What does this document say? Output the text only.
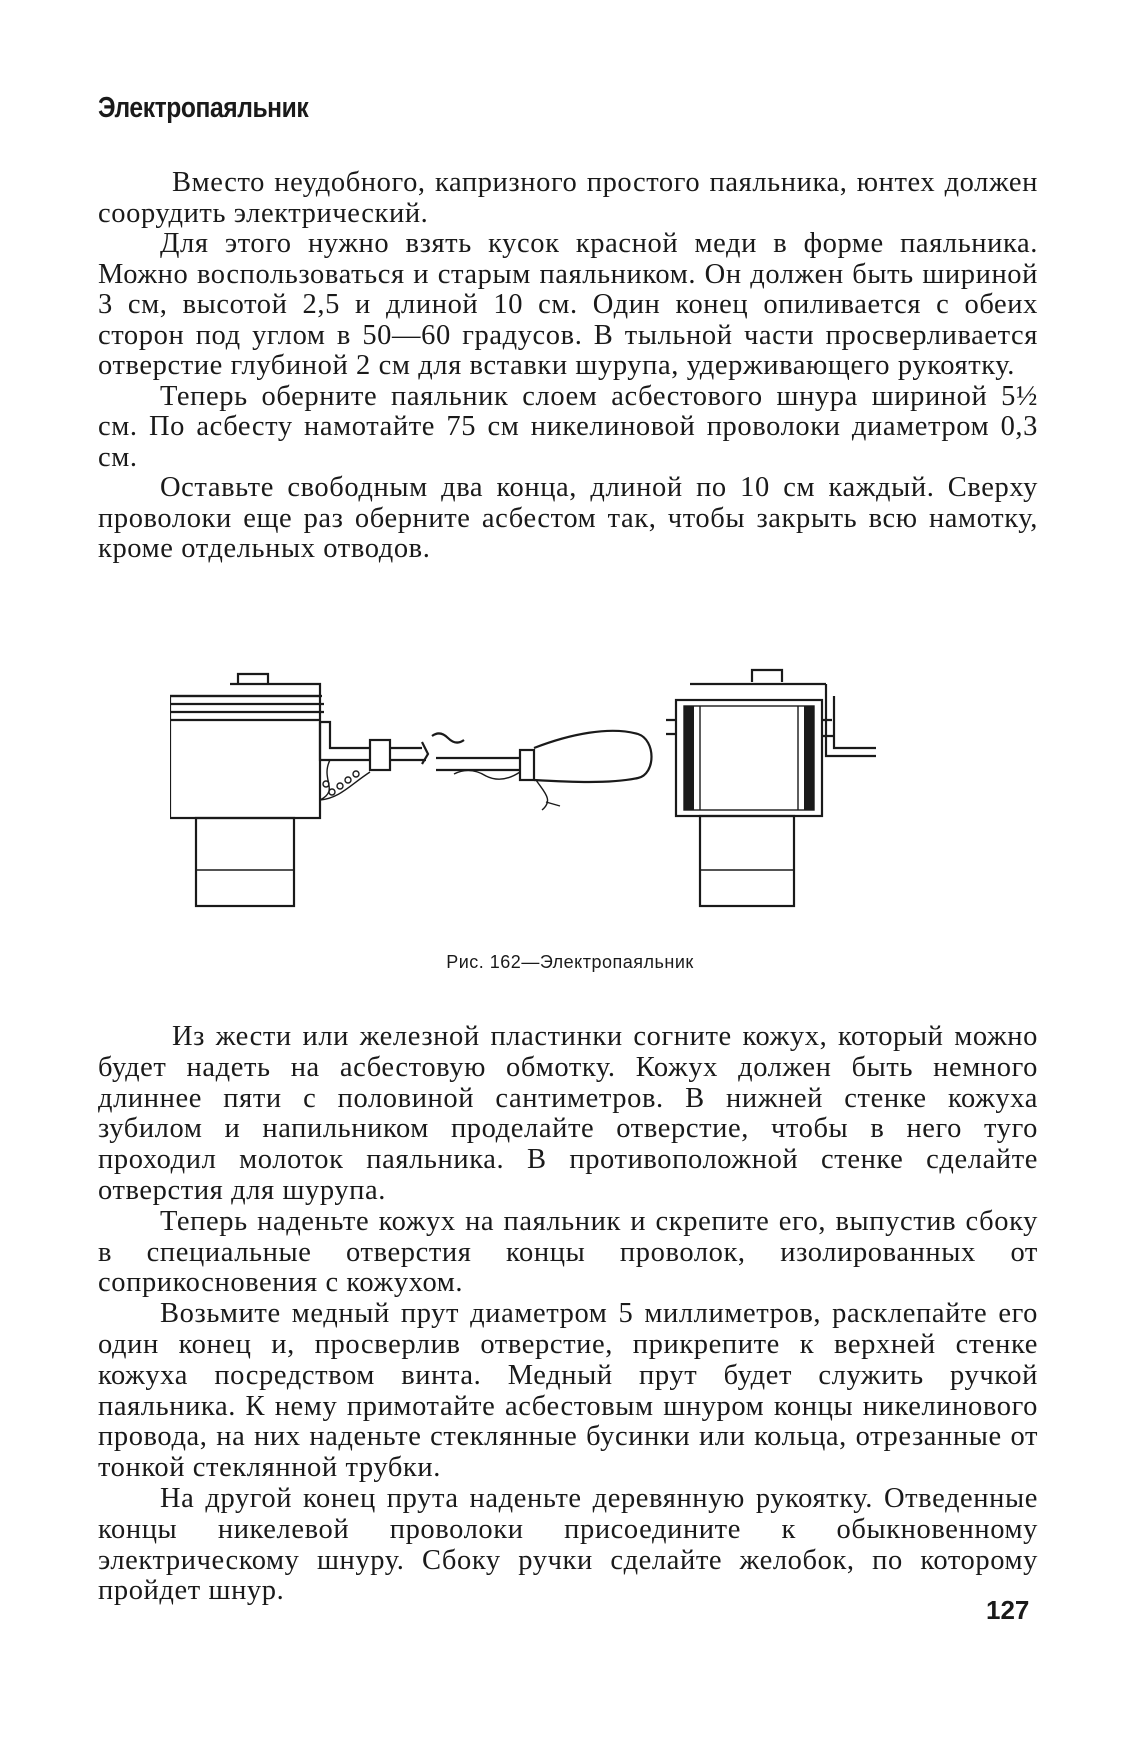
Электропаяльник

Вместо неудобного, капризного простого паяльника, юнтех должен соорудить электрический.

Для этого нужно взять кусок красной меди в форме паяльника. Можно воспользоваться и старым паяльником. Он должен быть шириной 3 см, высотой 2,5 и длиной 10 см. Один конец опиливается с обеих сторон под углом в 50—60 градусов. В тыльной части просверливается отверстие глубиной 2 см для вставки шурупа, удерживающего рукоятку.

Теперь оберните паяльник слоем асбестового шнура шириной 5½ см. По асбесту намотайте 75 см никелиновой проволоки диаметром 0,3 см.

Оставьте свободным два конца, длиной по 10 см каждый. Сверху проволоки еще раз оберните асбестом так, чтобы закрыть всю намотку, кроме отдельных отводов.

Рис. 162—Электропаяльник

Из жести или железной пластинки согните кожух, который можно будет надеть на асбестовую обмотку. Кожух должен быть немного длиннее пяти с половиной сантиметров. В нижней стенке кожуха зубилом и напильником проделайте отверстие, чтобы в него туго проходил молоток паяльника. В противоположной стенке сделайте отверстия для шурупа.

Теперь наденьте кожух на паяльник и скрепите его, выпустив сбоку в специальные отверстия концы проволок, изолированных от соприкосновения с кожухом.

Возьмите медный прут диаметром 5 миллиметров, расклепайте его один конец и, просверлив отверстие, прикрепите к верхней стенке кожуха посредством винта. Медный прут будет служить ручкой паяльника. К нему примотайте асбестовым шнуром концы никелинового провода, на них наденьте стеклянные бусинки или кольца, отрезанные от тонкой стеклянной трубки.

На другой конец прута наденьте деревянную рукоятку. Отведенные концы никелевой проволоки присоедините к обыкновенному электрическому шнуру. Сбоку ручки сделайте желобок, по которому пройдет шнур.

127
